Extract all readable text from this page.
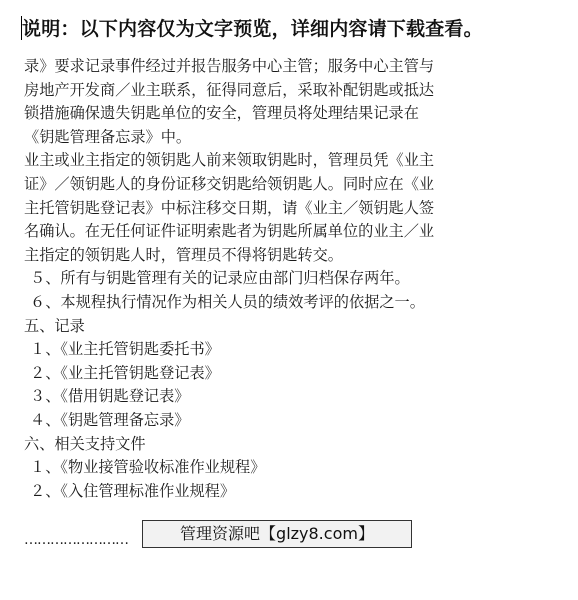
说明：以下内容仅为文字预览，详细内容请下载查看。
录》要求记录事件经过并报告服务中心主管；服务中心主管与
房地产开发商／业主联系，征得同意后，采取补配钥匙或抵达
锁措施确保遗失钥匙单位的安全，管理员将处理结果记录在
《钥匙管理备忘录》中。
业主或业主指定的领钥匙人前来领取钥匙时，管理员凭《业主
证》／领钥匙人的身份证移交钥匙给领钥匙人。同时应在《业
主托管钥匙登记表》中标注移交日期，请《业主／领钥匙人签
名确认。在无任何证件证明索匙者为钥匙所属单位的业主／业
主指定的领钥匙人时，管理员不得将钥匙转交。
５、所有与钥匙管理有关的记录应由部门归档保存两年。
６、本规程执行情况作为相关人员的绩效考评的依据之一。
五、记录
１、《业主托管钥匙委托书》
２、《业主托管钥匙登记表》
３、《借用钥匙登记表》
４、《钥匙管理备忘录》
六、相关支持文件
１、《物业接管验收标准作业规程》
２、《入住管理标准作业规程》
……………………	管理资源吧【glzy8.com】
